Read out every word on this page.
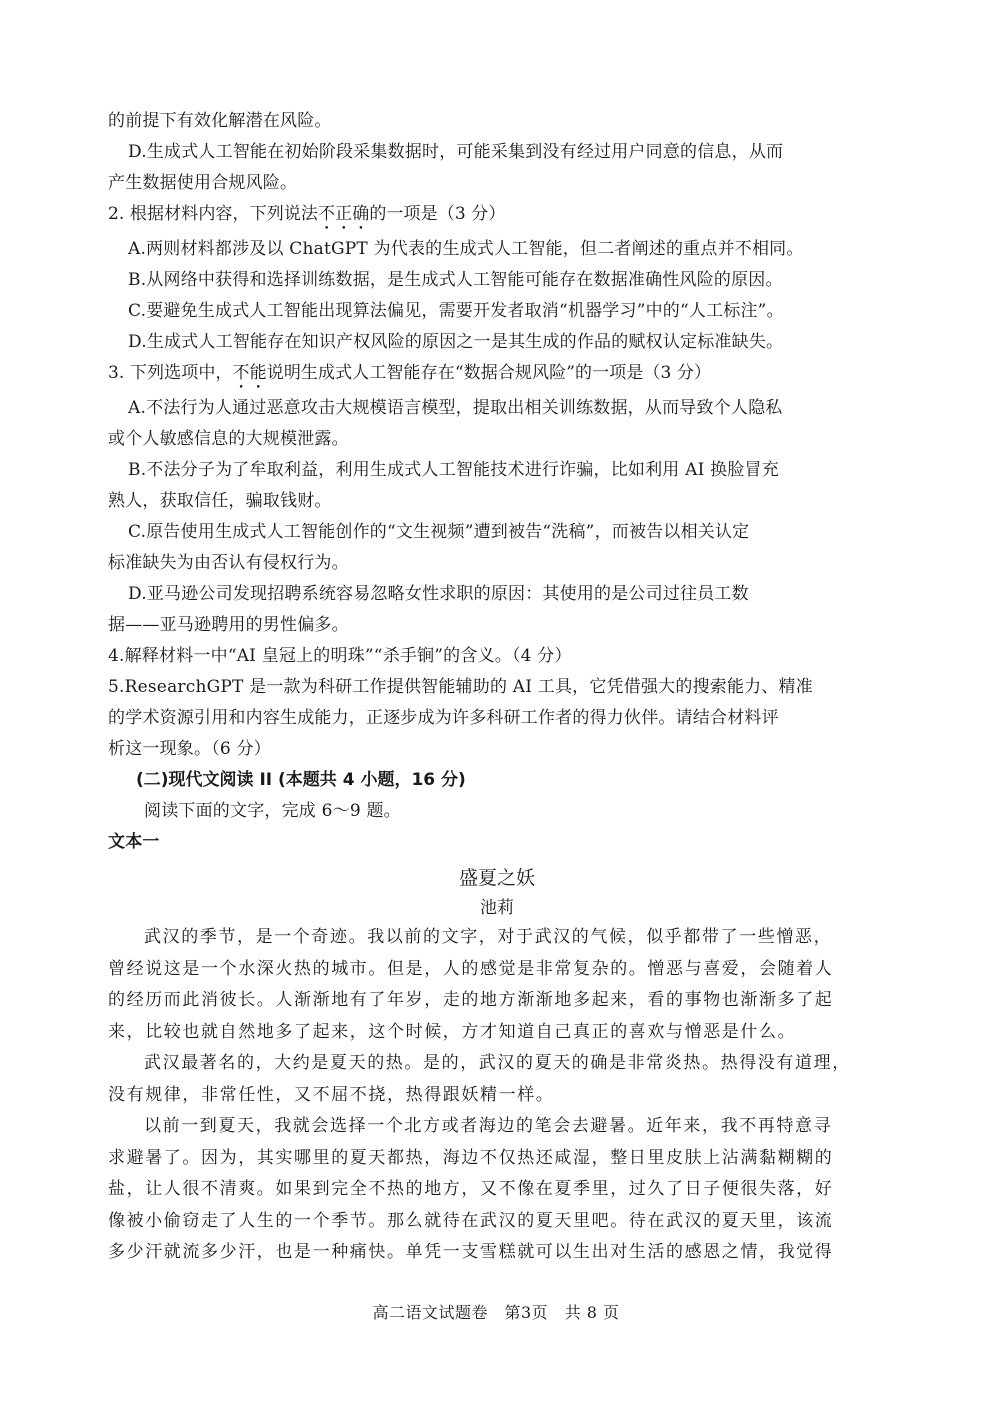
的前提下有效化解潜在风险。
D.生成式人工智能在初始阶段采集数据时，可能采集到没有经过用户同意的信息，从而
产生数据使用合规风险。
2. 根据材料内容，下列说法不正确的一项是（3 分）
A.两则材料都涉及以 ChatGPT 为代表的生成式人工智能，但二者阐述的重点并不相同。
B.从网络中获得和选择训练数据，是生成式人工智能可能存在数据准确性风险的原因。
C.要避免生成式人工智能出现算法偏见，需要开发者取消“机器学习”中的“人工标注”。
D.生成式人工智能存在知识产权风险的原因之一是其生成的作品的赋权认定标准缺失。
3. 下列选项中，不能说明生成式人工智能存在“数据合规风险”的一项是（3 分）
A.不法行为人通过恶意攻击大规模语言模型，提取出相关训练数据，从而导致个人隐私
或个人敏感信息的大规模泄露。
B.不法分子为了牟取利益，利用生成式人工智能技术进行诈骗，比如利用 AI 换脸冒充
熟人，获取信任，骗取钱财。
C.原告使用生成式人工智能创作的“文生视频”遭到被告“洗稿”，而被告以相关认定
标准缺失为由否认有侵权行为。
D.亚马逊公司发现招聘系统容易忽略女性求职的原因：其使用的是公司过往员工数
据——亚马逊聘用的男性偏多。
4.解释材料一中“AI 皇冠上的明珠”“杀手锏”的含义。（4 分）
5.ResearchGPT 是一款为科研工作提供智能辅助的 AI 工具，它凭借强大的搜索能力、精准
的学术资源引用和内容生成能力，正逐步成为许多科研工作者的得力伙伴。请结合材料评
析这一现象。（6 分）
(二)现代文阅读 II (本题共 4 小题，16 分)
阅读下面的文字，完成 6～9 题。
文本一
盛夏之妖
池莉
武汉的季节，是一个奇迹。我以前的文字，对于武汉的气候，似乎都带了一些憎恶，
曾经说这是一个水深火热的城市。但是，人的感觉是非常复杂的。憎恶与喜爱，会随着人
的经历而此消彼长。人渐渐地有了年岁，走的地方渐渐地多起来，看的事物也渐渐多了起
来，比较也就自然地多了起来，这个时候，方才知道自己真正的喜欢与憎恶是什么。
武汉最著名的，大约是夏天的热。是的，武汉的夏天的确是非常炎热。热得没有道理，
没有规律，非常任性，又不屈不挠，热得跟妖精一样。
以前一到夏天，我就会选择一个北方或者海边的笔会去避暑。近年来，我不再特意寻
求避暑了。因为，其实哪里的夏天都热，海边不仅热还咸湿，整日里皮肤上沾满黏糊糊的
盐，让人很不清爽。如果到完全不热的地方，又不像在夏季里，过久了日子便很失落，好
像被小偷窃走了人生的一个季节。那么就待在武汉的夏天里吧。待在武汉的夏天里，该流
多少汗就流多少汗，也是一种痛快。单凭一支雪糕就可以生出对生活的感恩之情，我觉得
高二语文试题卷　第3页　共 8 页
